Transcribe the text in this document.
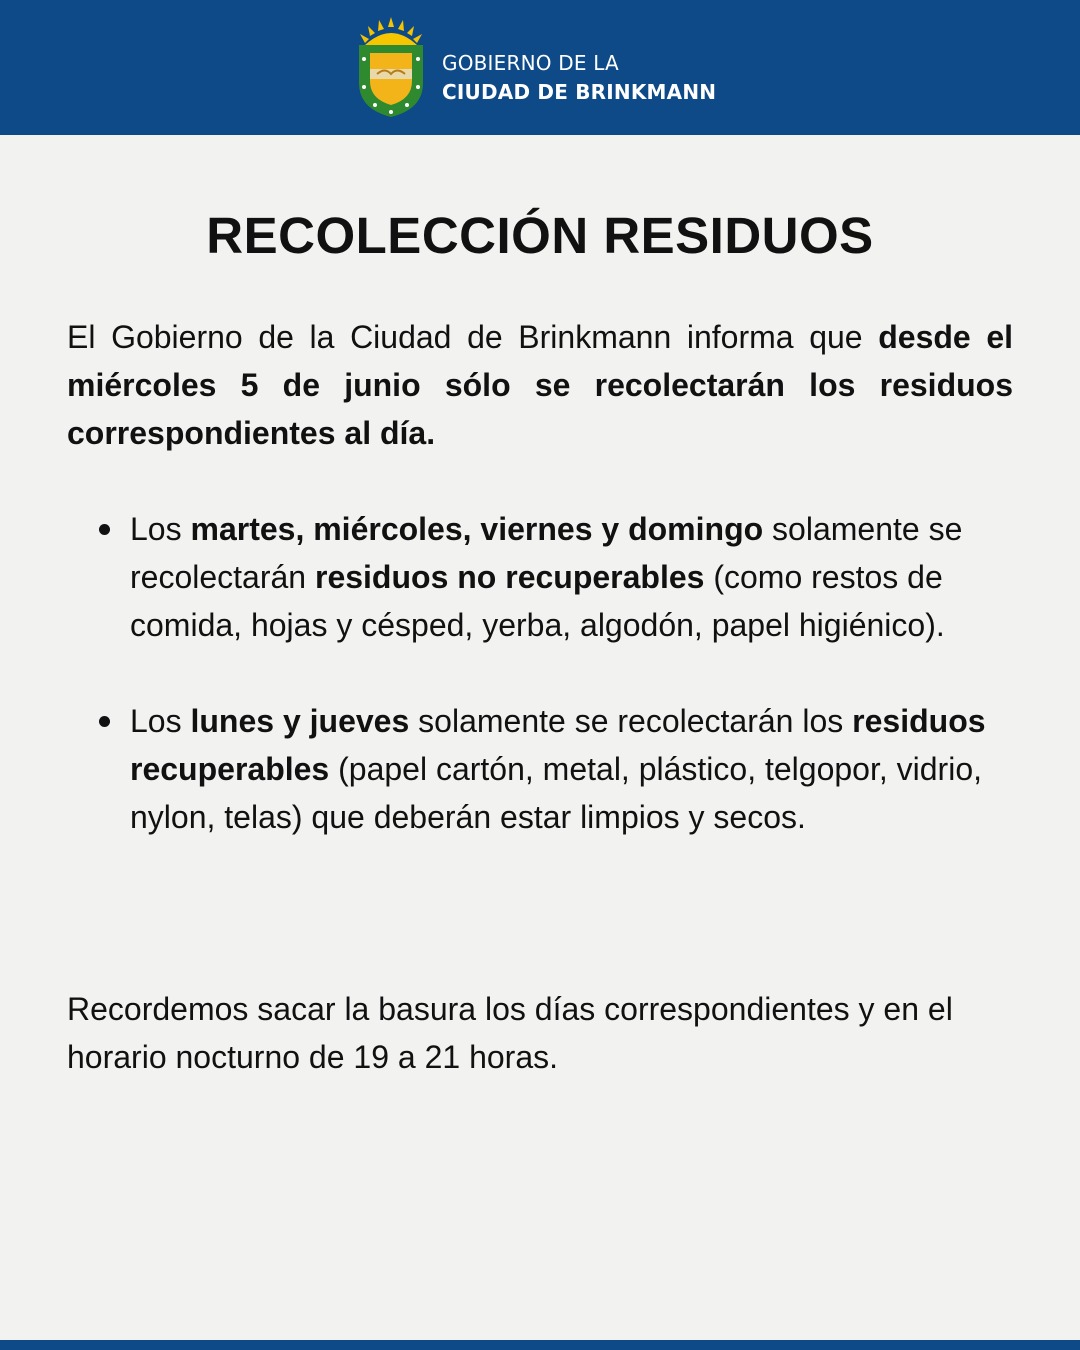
GOBIERNO DE LA
CIUDAD DE BRINKMANN
RECOLECCIÓN RESIDUOS

El Gobierno de la Ciudad de Brinkmann informa que desde el miércoles 5 de junio sólo se recolectarán los residuos correspondientes al día.

Los martes, miércoles, viernes y domingo solamente se recolectarán residuos no recuperables (como restos de comida, hojas y césped, yerba, algodón, papel higiénico).
Los lunes y jueves solamente se recolectarán los residuos recuperables (papel cartón, metal, plástico, telgopor, vidrio, nylon, telas) que deberán estar limpios y secos.

Recordemos sacar la basura los días correspondientes y en el horario nocturno de 19 a 21 horas.
